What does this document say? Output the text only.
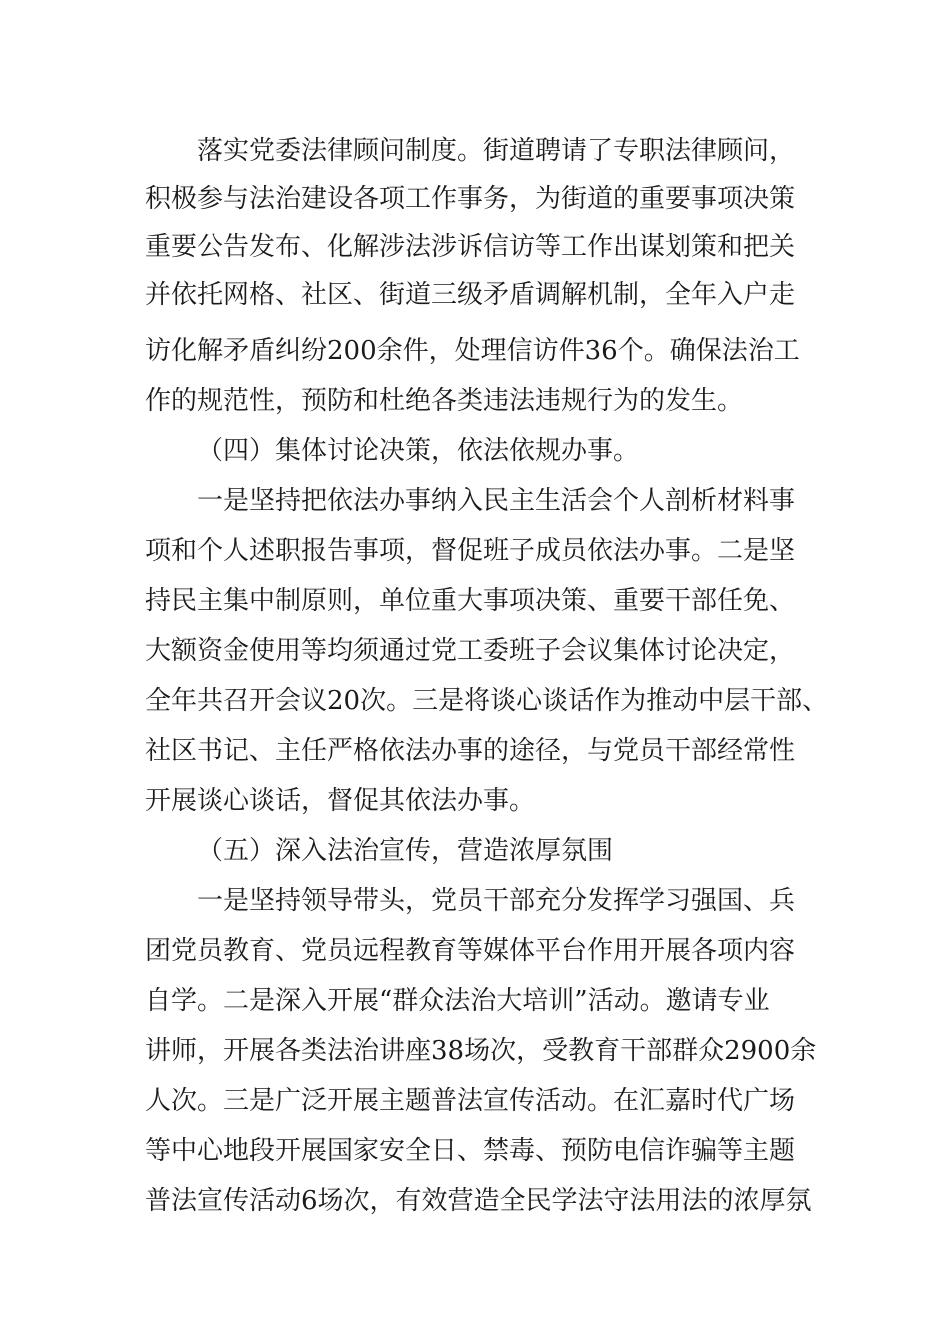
落实党委法律顾问制度。街道聘请了专职法律顾问，
积极参与法治建设各项工作事务，为街道的重要事项决策
重要公告发布、化解涉法涉诉信访等工作出谋划策和把关
并依托网格、社区、街道三级矛盾调解机制，全年入户走
访化解矛盾纠纷200余件，处理信访件36个。确保法治工
作的规范性，预防和杜绝各类违法违规行为的发生。
（四）集体讨论决策，依法依规办事。
一是坚持把依法办事纳入民主生活会个人剖析材料事
项和个人述职报告事项，督促班子成员依法办事。二是坚
持民主集中制原则，单位重大事项决策、重要干部任免、
大额资金使用等均须通过党工委班子会议集体讨论决定，
全年共召开会议20次。三是将谈心谈话作为推动中层干部、
社区书记、主任严格依法办事的途径，与党员干部经常性
开展谈心谈话，督促其依法办事。
（五）深入法治宣传，营造浓厚氛围
一是坚持领导带头，党员干部充分发挥学习强国、兵
团党员教育、党员远程教育等媒体平台作用开展各项内容
自学。二是深入开展“群众法治大培训”活动。邀请专业
讲师，开展各类法治讲座38场次，受教育干部群众2900余
人次。三是广泛开展主题普法宣传活动。在汇嘉时代广场
等中心地段开展国家安全日、禁毒、预防电信诈骗等主题
普法宣传活动6场次，有效营造全民学法守法用法的浓厚氛
